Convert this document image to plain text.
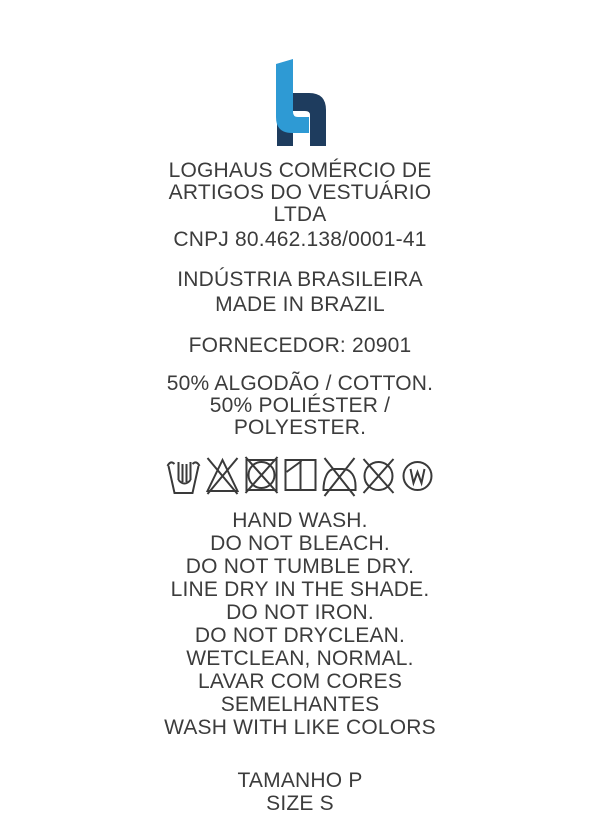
LOGHAUS COMÉRCIO DE
ARTIGOS DO VESTUÁRIO
LTDA
CNPJ 80.462.138/0001-41
INDÚSTRIA BRASILEIRA
MADE IN BRAZIL
FORNECEDOR: 20901
50% ALGODÃO / COTTON.
50% POLIÉSTER /
POLYESTER.
HAND WASH.
DO NOT BLEACH.
DO NOT TUMBLE DRY.
LINE DRY IN THE SHADE.
DO NOT IRON.
DO NOT DRYCLEAN.
WETCLEAN, NORMAL.
LAVAR COM CORES
SEMELHANTES
WASH WITH LIKE COLORS
TAMANHO P
SIZE S
